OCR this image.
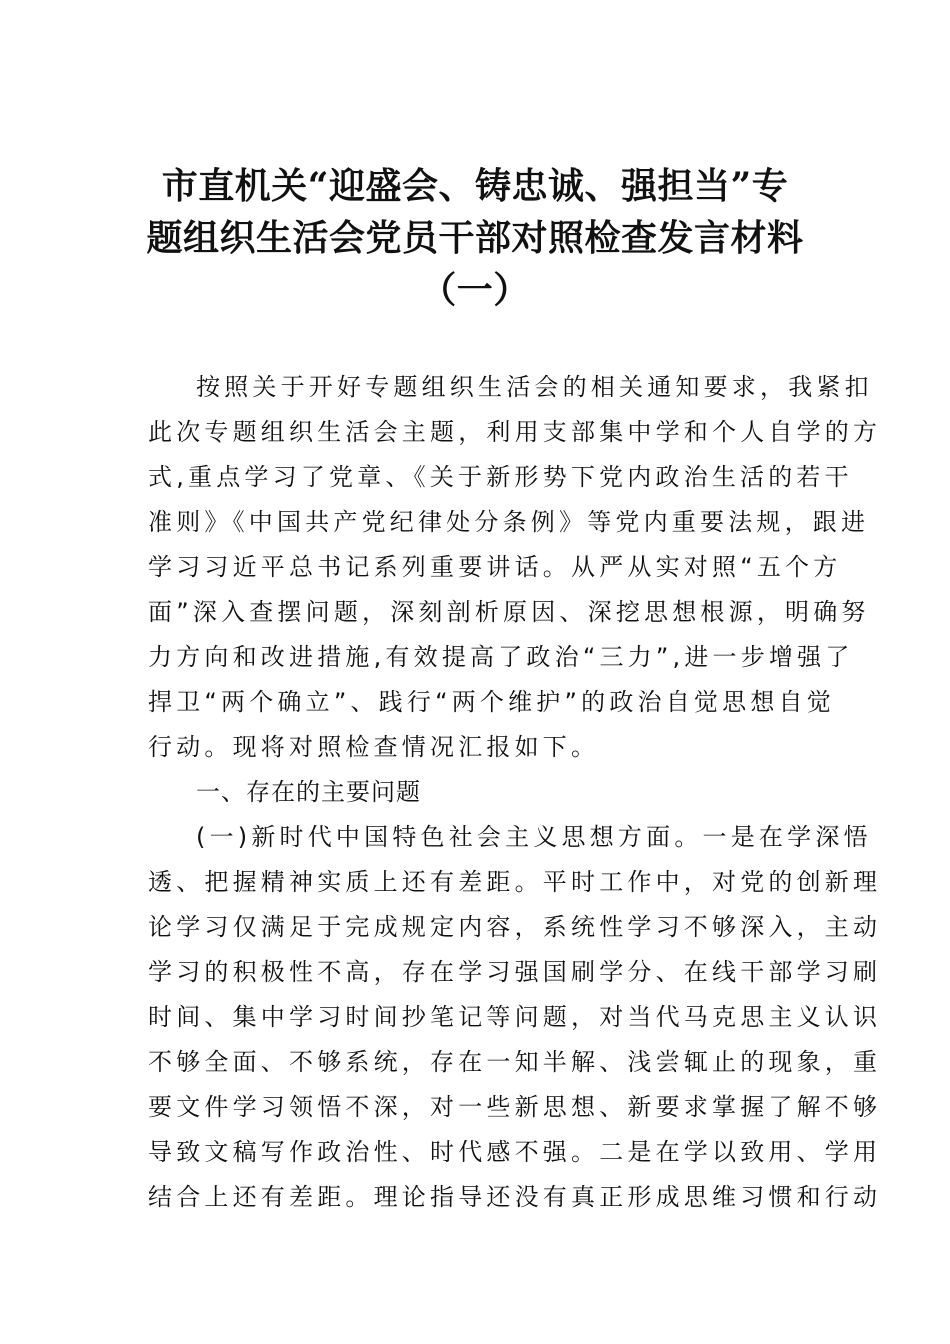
市直机关“迎盛会、铸忠诚、强担当”专
题组织生活会党员干部对照检查发言材料
（一）

按照关于开好专题组织生活会的相关通知要求，我紧扣
此次专题组织生活会主题，利用支部集中学和个人自学的方
式,重点学习了党章、《关于新形势下党内政治生活的若干
准则》《中国共产党纪律处分条例》等党内重要法规，跟进
学习习近平总书记系列重要讲话。从严从实对照“五个方
面”深入查摆问题，深刻剖析原因、深挖思想根源，明确努
力方向和改进措施,有效提高了政治“三力”,进一步增强了
捍卫“两个确立”、践行“两个维护”的政治自觉思想自觉
行动。现将对照检查情况汇报如下。

一、存在的主要问题

(一)新时代中国特色社会主义思想方面。一是在学深悟
透、把握精神实质上还有差距。平时工作中，对党的创新理
论学习仅满足于完成规定内容，系统性学习不够深入，主动
学习的积极性不高，存在学习强国刷学分、在线干部学习刷
时间、集中学习时间抄笔记等问题，对当代马克思主义认识
不够全面、不够系统，存在一知半解、浅尝辄止的现象，重
要文件学习领悟不深，对一些新思想、新要求掌握了解不够
导致文稿写作政治性、时代感不强。二是在学以致用、学用
结合上还有差距。理论指导还没有真正形成思维习惯和行动
